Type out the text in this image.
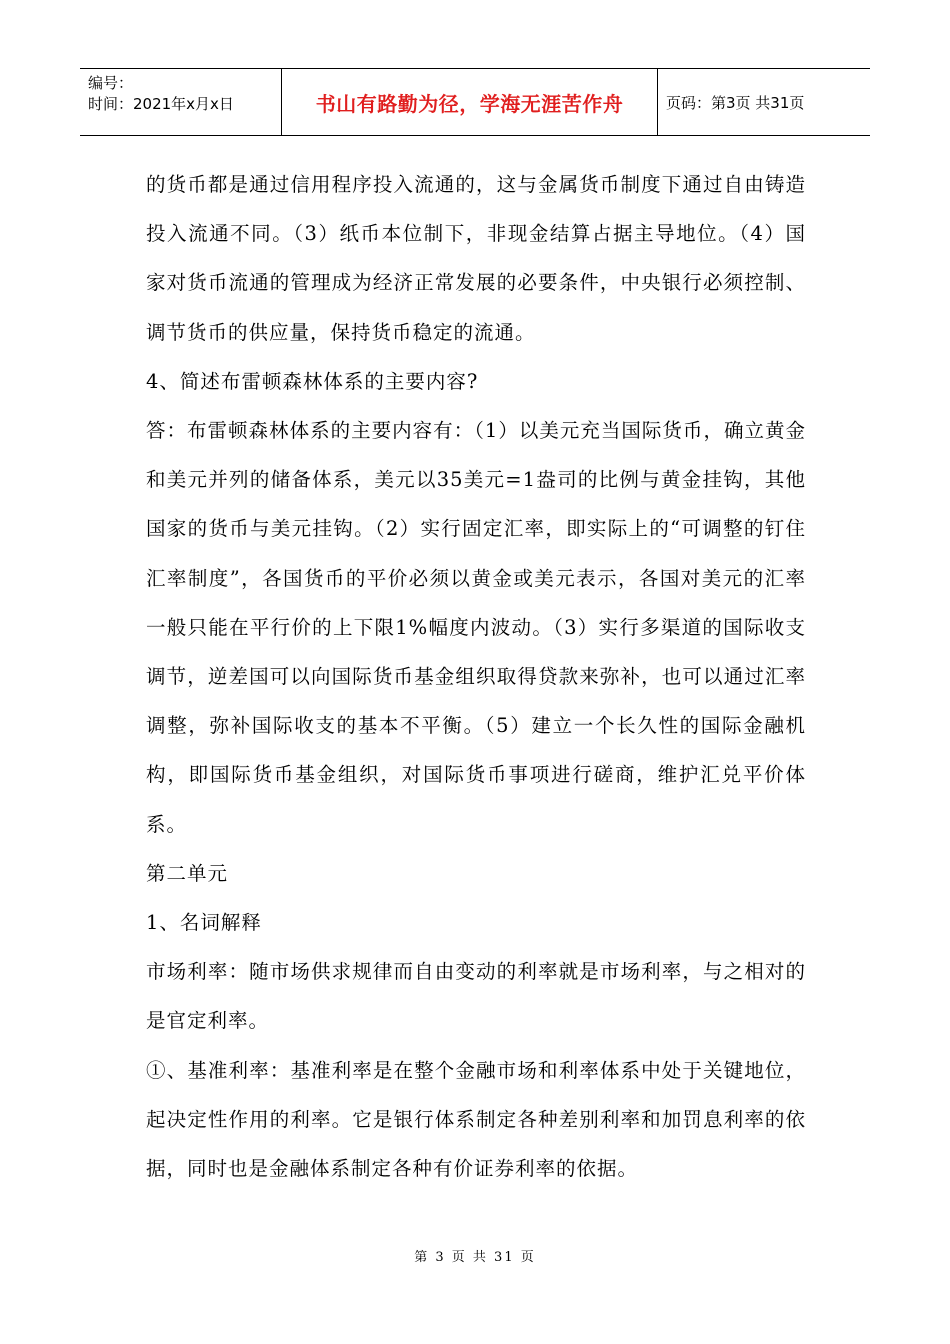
编号：
时间：2021年x月x日	书山有路勤为径，学海无涯苦作舟	页码：第3页 共31页

的货币都是通过信用程序投入流通的，这与金属货币制度下通过自由铸造投入流通不同。（3）纸币本位制下，非现金结算占据主导地位。（4）国家对货币流通的管理成为经济正常发展的必要条件，中央银行必须控制、调节货币的供应量，保持货币稳定的流通。

4、简述布雷顿森林体系的主要内容?

答：布雷顿森林体系的主要内容有：（1）以美元充当国际货币，确立黄金和美元并列的储备体系，美元以35美元=1盎司的比例与黄金挂钩，其他国家的货币与美元挂钩。（2）实行固定汇率，即实际上的“可调整的钉住汇率制度”，各国货币的平价必须以黄金或美元表示，各国对美元的汇率一般只能在平行价的上下限1%幅度内波动。（3）实行多渠道的国际收支调节，逆差国可以向国际货币基金组织取得贷款来弥补，也可以通过汇率调整，弥补国际收支的基本不平衡。（5）建立一个长久性的国际金融机构，即国际货币基金组织，对国际货币事项进行磋商，维护汇兑平价体系。

第二单元

1、名词解释

市场利率：随市场供求规律而自由变动的利率就是市场利率，与之相对的是官定利率。

①、基准利率：基准利率是在整个金融市场和利率体系中处于关键地位，起决定性作用的利率。它是银行体系制定各种差别利率和加罚息利率的依据，同时也是金融体系制定各种有价证券利率的依据。

第 3 页 共 31 页
